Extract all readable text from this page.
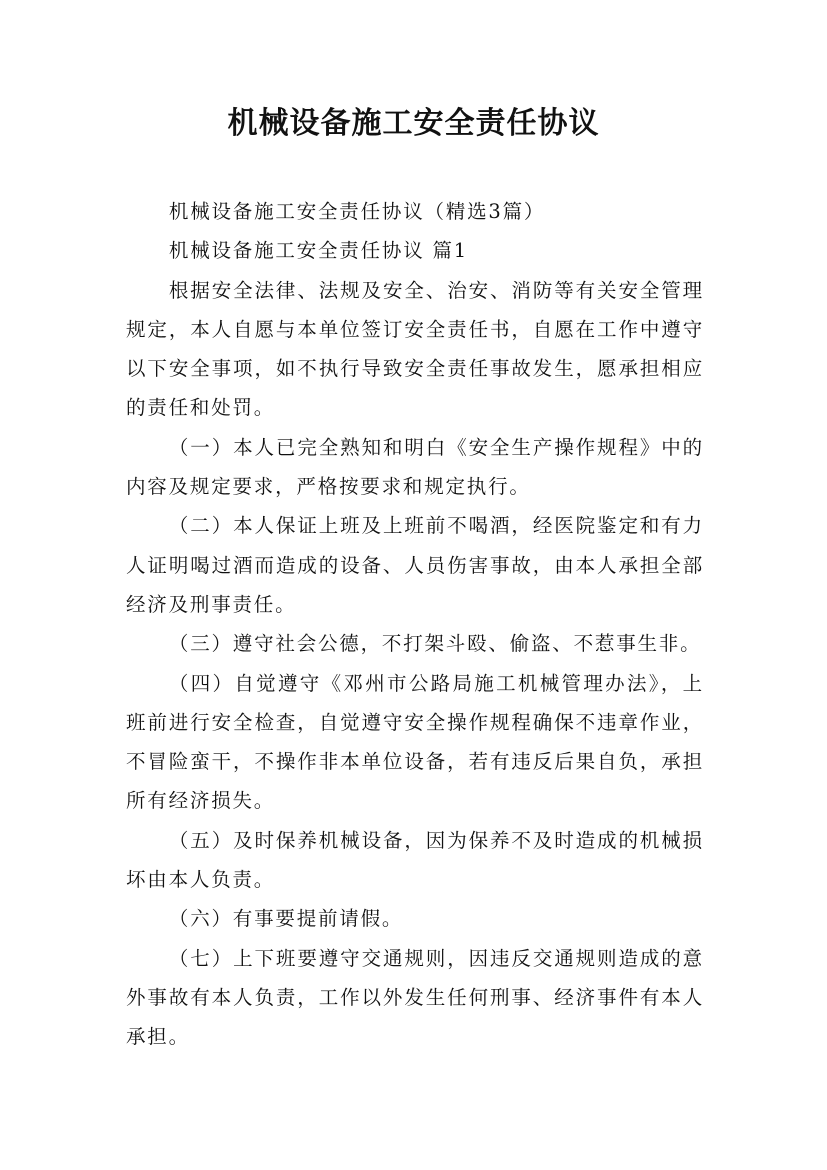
机械设备施工安全责任协议

机械设备施工安全责任协议（精选3篇）

机械设备施工安全责任协议 篇1

根据安全法律、法规及安全、治安、消防等有关安全管理规定，本人自愿与本单位签订安全责任书，自愿在工作中遵守以下安全事项，如不执行导致安全责任事故发生，愿承担相应的责任和处罚。

（一）本人已完全熟知和明白《安全生产操作规程》中的内容及规定要求，严格按要求和规定执行。

（二）本人保证上班及上班前不喝酒，经医院鉴定和有力人证明喝过酒而造成的设备、人员伤害事故，由本人承担全部经济及刑事责任。

（三）遵守社会公德，不打架斗殴、偷盗、不惹事生非。

（四）自觉遵守《邓州市公路局施工机械管理办法》，上班前进行安全检查，自觉遵守安全操作规程确保不违章作业，不冒险蛮干，不操作非本单位设备，若有违反后果自负，承担所有经济损失。

（五）及时保养机械设备，因为保养不及时造成的机械损坏由本人负责。

（六）有事要提前请假。

（七）上下班要遵守交通规则，因违反交通规则造成的意外事故有本人负责，工作以外发生任何刑事、经济事件有本人承担。
